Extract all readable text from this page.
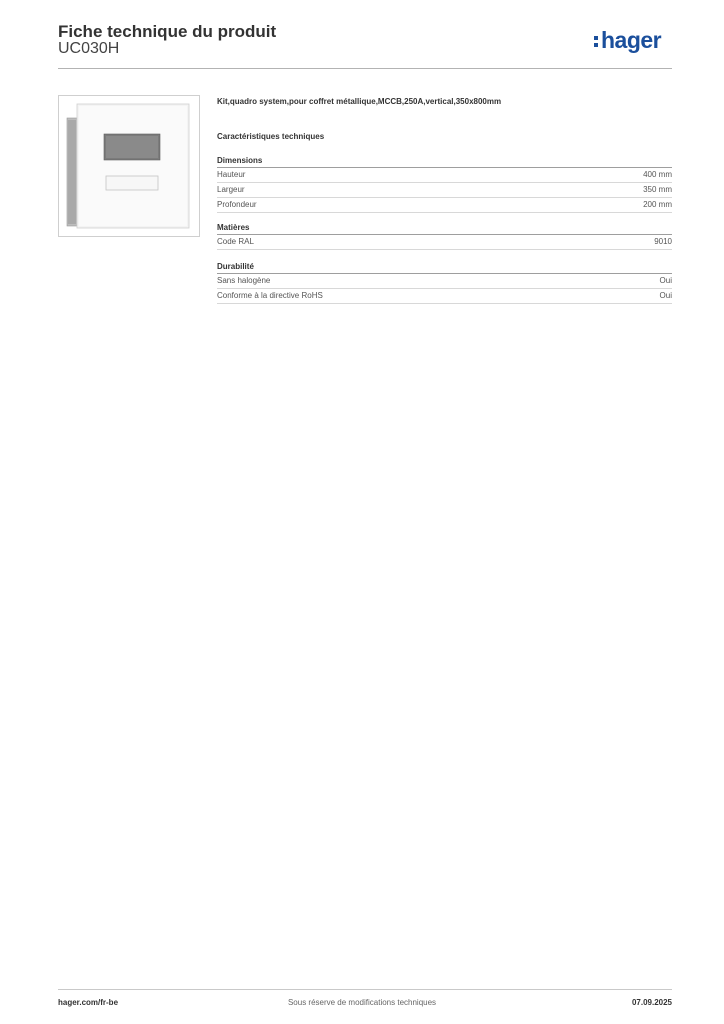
Fiche technique du produit
UC030H	hager
Kit,quadro system,pour coffret métallique,MCCB,250A,vertical,350x800mm
Caractéristiques techniques
Dimensions
Hauteur	400 mm
Largeur	350 mm
Profondeur	200 mm
Matières
Code RAL	9010
Durabilité
Sans halogène	Oui
Conforme à la directive RoHS	Oui
hager.com/fr-be	Sous réserve de modifications techniques	07.09.2025
